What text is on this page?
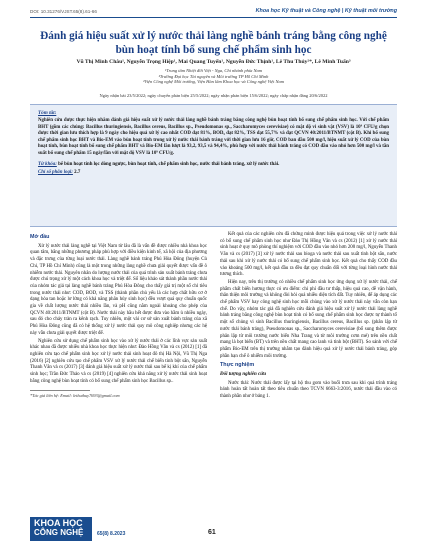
DOI: 10.31276/VJST.65(8).61-66	Khoa học Kỹ thuật và Công nghệ | Kỹ thuật môi trường
Đánh giá hiệu suất xử lý nước thải làng nghề bánh tráng bằng công nghệ bùn hoạt tính bổ sung chế phẩm sinh học
Vũ Thị Minh Châu¹, Nguyễn Trọng Hiệp¹, Mai Quang Tuyến¹, Nguyễn Đức Thịnh¹, Lê Thu Thủy²*, Lê Minh Tuấn³
¹Trung tâm Nhiệt đới Việt - Nga, Chi nhánh phía Nam
²Trường Đại học Tài nguyên và Môi trường TP Hồ Chí Minh
³Viện Công nghệ Môi trường, Viện Hàn lâm Khoa học và Công nghệ Việt Nam
Ngày nhận bài 23/5/2022; ngày chuyển phản biện 25/5/2022; ngày nhận phản biện 15/6/2022; ngày chấp nhận đăng 20/6/2022
Tóm tắt:

Nghiên cứu được thực hiện nhằm đánh giá hiệu suất xử lý nước thải làng nghề bánh tráng bằng công nghệ bùn hoạt tính bổ sung chế phẩm sinh học. Với chế phẩm BHT (gồm các chủng: Bacillus thuringiensis, Bacillus cereus, Bacillus sp., Pseudomonas sp., Saccharomyces cerevisiae) có mật độ vi sinh vật (VSV) là 10⁹ CFU/g chọn được thời gian lưu thích hợp là 9 ngày cho hiệu quả xử lý cao nhất COD đạt 81%, BOD₅ đạt 82%, TSS đạt 55,7% và đạt QCVN 40:2011/BTNMT (cột B). Khi bổ sung chế phẩm sinh học BHT và Bio-EM vào bùn hoạt tính trong xử lý nước thải bánh tráng với thời gian lưu 16 giờ, COD ban đầu 500 mg/l, hiệu suất xử lý COD của bùn hoạt tính, bùn hoạt tính bổ sung chế phẩm BHT và Bio-EM lần lượt là 93,2, 93,5 và 94,4%, phù hợp với nước thải bánh tráng có COD đầu vào nhỏ hơn 500 mg/l và tần suất bổ sung chế phẩm 15 ngày/lần với mật độ VSV là 10⁹ CFU/g.

Từ khóa: bể bùn hoạt tính lọc dòng ngược, bùn hoạt tính, chế phẩm sinh học, nước thải bánh tráng, xử lý nước thải.
Chỉ số phân loại: 2.7
Mở đầu

Xử lý nước thải làng nghề tại Việt Nam từ lâu đã là vấn đề được nhiều nhà khoa học quan tâm, bằng những phương pháp phù hợp với điều kiện kinh tế, xã hội của địa phương và đặc trưng của từng loại nước thải. Làng nghề bánh tráng Phú Hòa Đông (huyện Củ Chi, TP Hồ Chí Minh) cũng là một trong những làng nghề chưa giải quyết được vấn đề ô nhiễm nước thải. Nguyên nhân do lượng nước thải của quá trình sản xuất bánh tráng chưa được chú trọng xử lý một cách khoa học và triệt để. Số liệu khảo sát thành phần nước thải của nhóm tác giả tại làng nghề bánh tráng Phú Hòa Đông cho thấy giá trị một số chỉ tiêu trong nước thải như: COD, BOD, và TSS (thành phần chủ yếu là các hợp chất hữu cơ ở dạng hòa tan hoặc lơ lửng có khả năng phân hủy sinh học) đều vượt quá quy chuẩn quốc gia về chất lượng nước thải nhiều lần, và pH cũng nằm ngoài khoảng cho phép của QCVN 40:2011/BTNMT (cột B). Nước thải này hầu hết được đưa vào hầm ủ nhiều ngày, sau đó cho chảy tràn ra kênh rạch. Tuy nhiên, một vài cơ sở sản xuất bánh tráng của xã Phú Hòa Đông cũng đã có hệ thống xử lý nước thải quy mô công nghiệp nhưng các hệ này vẫn chưa giải quyết được triệt để.

Nghiên cứu sử dụng chế phẩm sinh học vào xử lý nước thải ở các lĩnh vực sản xuất khác nhau đã được nhiều nhà khoa học thực hiện như: Đào Hồng Vân và cs (2012) [1] đã nghiên cứu tạo chế phẩm sinh học xử lý nước thải sinh hoạt đô thị Hà Nội, Vũ Thị Nga (2016) [2] nghiên cứu tạo chế phẩm VSV xử lý nước thải chế biến tinh bột sắn, Nguyễn Thanh Văn và cs (2017) [3] đánh giá hiệu suất xử lý nước thải sau bể kị khí của chế phẩm sinh học; Trần Đức Thảo và cs (2019) [4] nghiên cứu khả năng xử lý nước thải sinh hoạt bằng công nghệ bùn hoạt tính có bổ sung chế phẩm sinh học Bacillus sp..

*Tác giả liên hệ: Email: lethuthuy7693@gmail.com

Kết quả của các nghiên cứu đã chứng minh được hiệu quả trong việc xử lý nước thải có bổ sung chế phẩm sinh học như Đào Thị Hồng Vân và cs (2012) [1] xử lý nước thải sinh hoạt ở quy mô phòng thí nghiệm với COD đầu vào nhỏ hơn 200 mg/l, Nguyễn Thanh Văn và cs (2017) [3] xử lý nước thải sau bioga và nước thải sau xuất tinh bột sắn, nước thải sau khi xử lý nước thải có bổ sung chế phẩm sinh học. Kết quả cho thấy COD đầu vào khoảng 500 mg/l, kết quả đầu ra đều đạt quy chuẩn đối với từng loại hình nước thải tương thích.

Hiện nay, trên thị trường có nhiều chế phẩm sinh học ứng dụng xử lý nước thải, chế phẩm chất biến hương thực có ưu điểm: chi phí đầu tư thấp, hiệu quả cao, dễ vận hành, thân thiện môi trường và không đòi hỏi quá nhiều diện tích đất. Tuy nhiên, để áp dụng các chế phẩm VSV hay công nghệ sinh học mỗi chủng vào xử lý nước thải này vẫn còn hạn chế. Do vậy, nhóm tác giả đã nghiên cứu đánh giá hiệu suất xử lý nước thải làng nghề bánh tráng bằng công nghệ bùn hoạt tính có bổ sung chế phẩm sinh học được tự thành tố một số chủng vi sinh Bacillus thuringiensis, Bacillus cereus, Bacillus sp. (phân lập từ nước thải bánh tráng), Pseudomonas sp., Saccharomyces cerevisiae (bổ sung thêm được phân lập từ môi trường nước biển Nha Trang và từ môi trường cơm mẻ) trên nền chất mang là bọt biển (BT) và trên nền chất mang cao lanh và tinh bột (BHT). So sánh với chế phẩm Bio-EM trên thị trường nhằm tạo đánh hiệu quả xử lý nước thải bánh tráng, góp phần hạn chế ô nhiễm môi trường.

Thực nghiệm
Đối tượng nghiên cứu

Nước thải: Nước thải được lấy tại hộ thu gom vào buổi trưa sau khi quá trình tráng bánh hoàn tất hoàn tất theo tiêu chuẩn theo TCVN 6663-3:2016, nước thải đầu vào có thành phần như ở bảng 1.

KHOA HỌC
CÔNG NGHỆ	65(8) 8.2023	61
